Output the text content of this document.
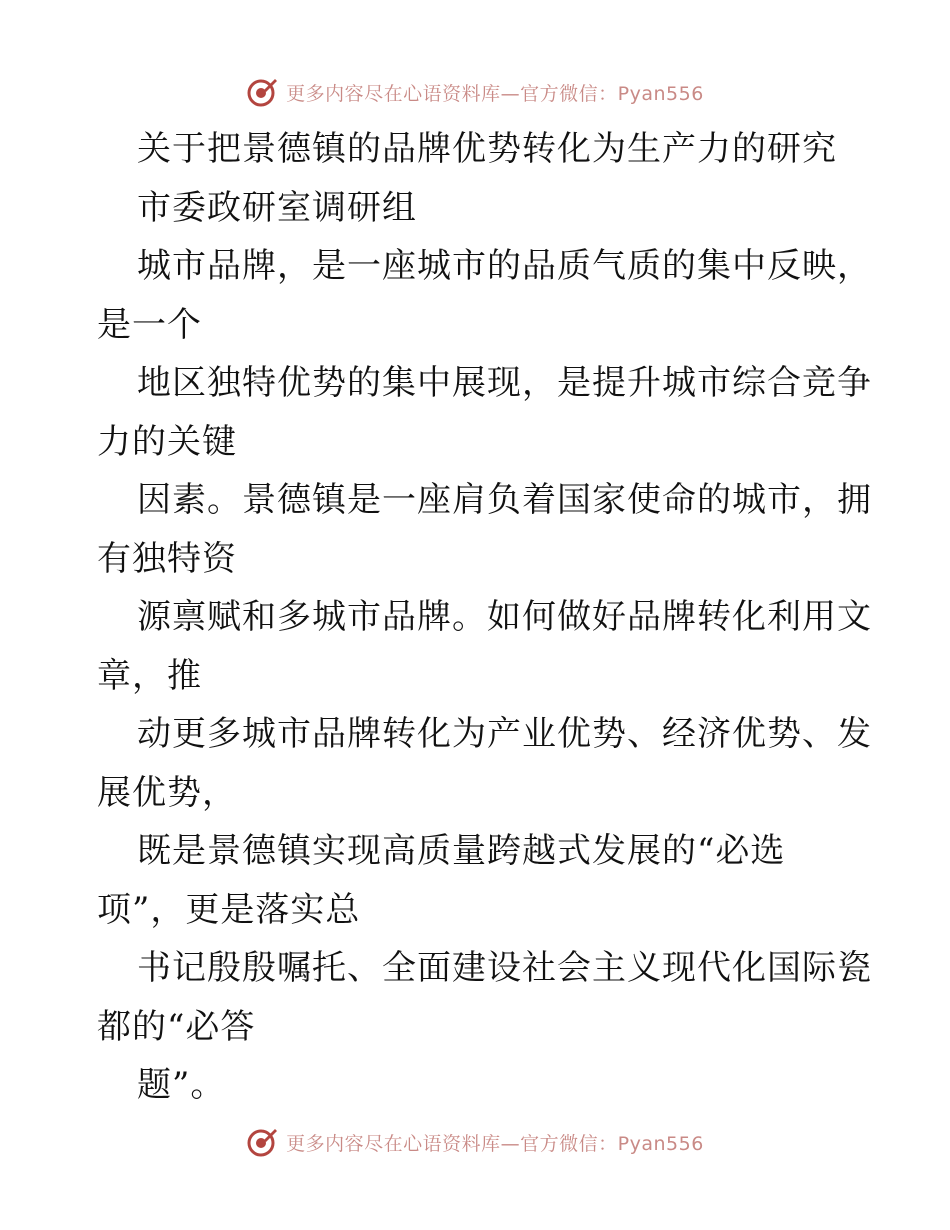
更多内容尽在心语资料库—官方微信：Pyan556
关于把景德镇的品牌优势转化为生产力的研究
市委政研室调研组
城市品牌，是一座城市的品质气质的集中反映，
是一个
地区独特优势的集中展现，是提升城市综合竞争
力的关键
因素。景德镇是一座肩负着国家使命的城市，拥
有独特资
源禀赋和多城市品牌。如何做好品牌转化利用文
章，推
动更多城市品牌转化为产业优势、经济优势、发
展优势，
既是景德镇实现高质量跨越式发展的“必选
项”，更是落实总
书记殷殷嘱托、全面建设社会主义现代化国际瓷
都的“必答
题”。
更多内容尽在心语资料库—官方微信：Pyan556
